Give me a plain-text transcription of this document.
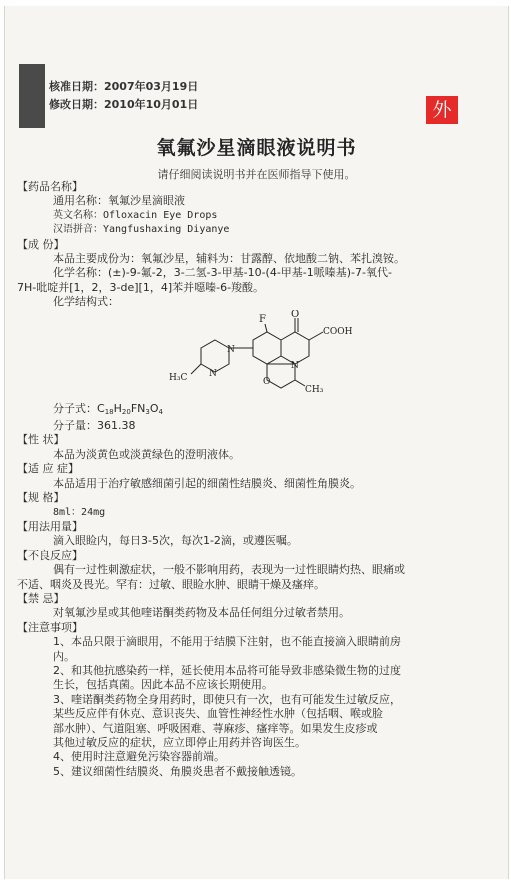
核准日期：2007年03月19日
修改日期：2010年10月01日	外
氧氟沙星滴眼液说明书
请仔细阅读说明书并在医师指导下使用。
【药品名称】
通用名称：氧氟沙星滴眼液
英文名称：Ofloxacin Eye Drops
汉语拼音：Yangfushaxing Diyanye
【成 份】
本品主要成份为：氧氟沙星，辅料为：甘露醇、依地酸二钠、苯扎溴铵。
化学名称：(±)-9-氟-2，3-二氢-3-甲基-10-(4-甲基-1哌嗪基)-7-氧代-
7H-吡啶并[1，2，3-de][1，4]苯并噁嗪-6-羧酸。
化学结构式：
F	O
COOH
N
N
N
O
CH₃
H₃C
分子式：$C_{18}H_{20}FN_3O_4$
分子量：361.38
【性 状】
本品为淡黄色或淡黄绿色的澄明液体。
【适 应 症】
本品适用于治疗敏感细菌引起的细菌性结膜炎、细菌性角膜炎。
【规 格】
8ml：24mg
【用法用量】
滴入眼睑内，每日3-5次，每次1-2滴，或遵医嘱。
【不良反应】
偶有一过性刺激症状，一般不影响用药，表现为一过性眼睛灼热、眼痛或
不适、咽炎及畏光。罕有：过敏、眼睑水肿、眼睛干燥及瘙痒。
【禁 忌】
对氧氟沙星或其他喹诺酮类药物及本品任何组分过敏者禁用。
【注意事项】
1、本品只限于滴眼用，不能用于结膜下注射，也不能直接滴入眼睛前房
内。
2、和其他抗感染药一样，延长使用本品将可能导致非感染微生物的过度
生长，包括真菌。因此本品不应该长期使用。
3、喹诺酮类药物全身用药时，即使只有一次，也有可能发生过敏反应，
某些反应伴有休克、意识丧失、血管性神经性水肿（包括咽、喉或脸
部水肿）、气道阻塞、呼吸困难、荨麻疹、瘙痒等。如果发生皮疹或
其他过敏反应的症状，应立即停止用药并咨询医生。
4、使用时注意避免污染容器前端。
5、建议细菌性结膜炎、角膜炎患者不戴接触透镜。
